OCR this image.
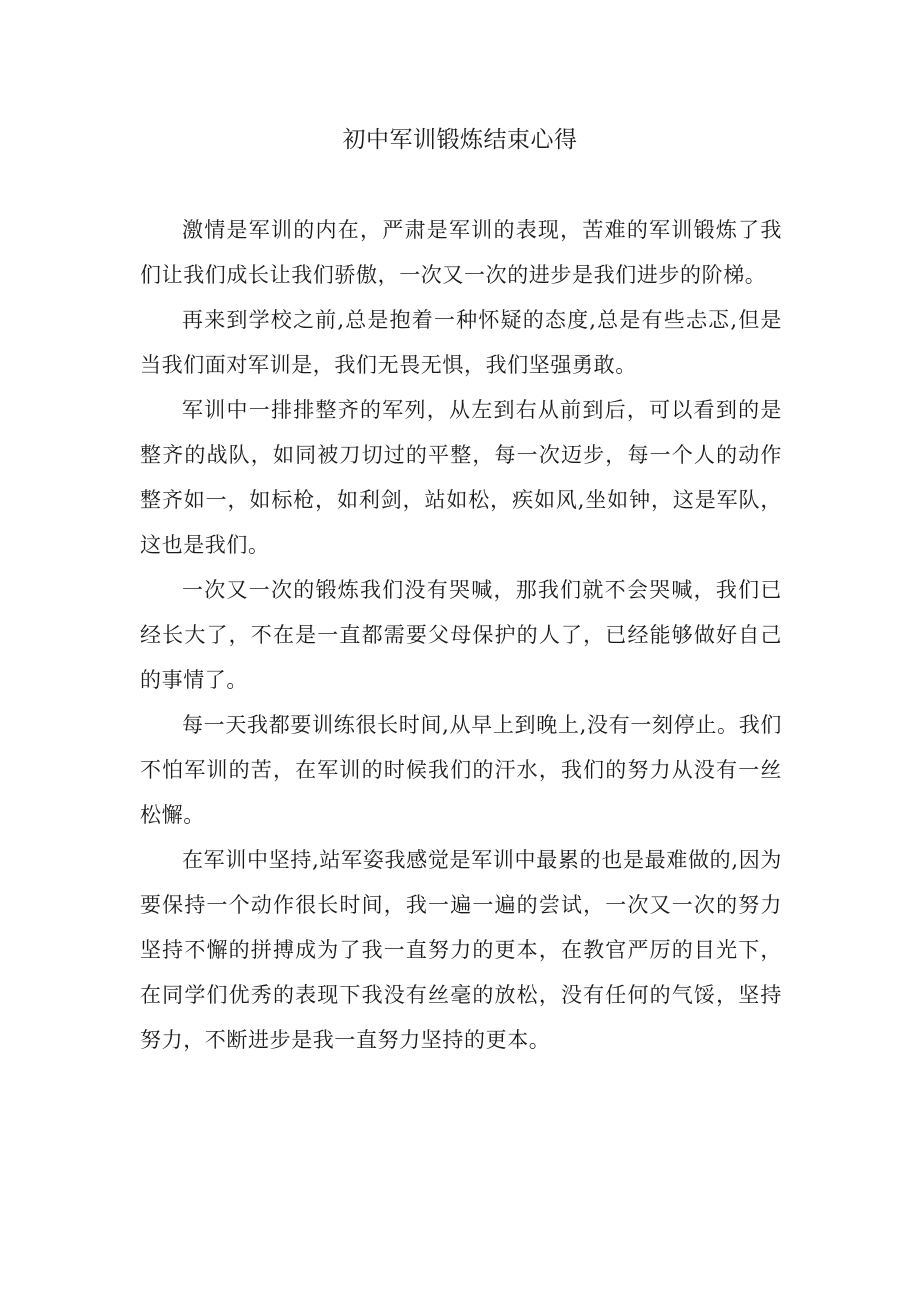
初中军训锻炼结束心得

激情是军训的内在，严肃是军训的表现，苦难的军训锻炼了我们让我们成长让我们骄傲，一次又一次的进步是我们进步的阶梯。

再来到学校之前,总是抱着一种怀疑的态度,总是有些忐忑,但是当我们面对军训是，我们无畏无惧，我们坚强勇敢。

军训中一排排整齐的军列，从左到右从前到后，可以看到的是整齐的战队，如同被刀切过的平整，每一次迈步，每一个人的动作整齐如一，如标枪，如利剑，站如松，疾如风,坐如钟，这是军队，这也是我们。

一次又一次的锻炼我们没有哭喊，那我们就不会哭喊，我们已经长大了，不在是一直都需要父母保护的人了，已经能够做好自己的事情了。

每一天我都要训练很长时间,从早上到晚上,没有一刻停止。我们不怕军训的苦，在军训的时候我们的汗水，我们的努力从没有一丝松懈。

在军训中坚持,站军姿我感觉是军训中最累的也是最难做的,因为要保持一个动作很长时间，我一遍一遍的尝试，一次又一次的努力坚持不懈的拼搏成为了我一直努力的更本，在教官严厉的目光下，在同学们优秀的表现下我没有丝毫的放松，没有任何的气馁，坚持努力，不断进步是我一直努力坚持的更本。
